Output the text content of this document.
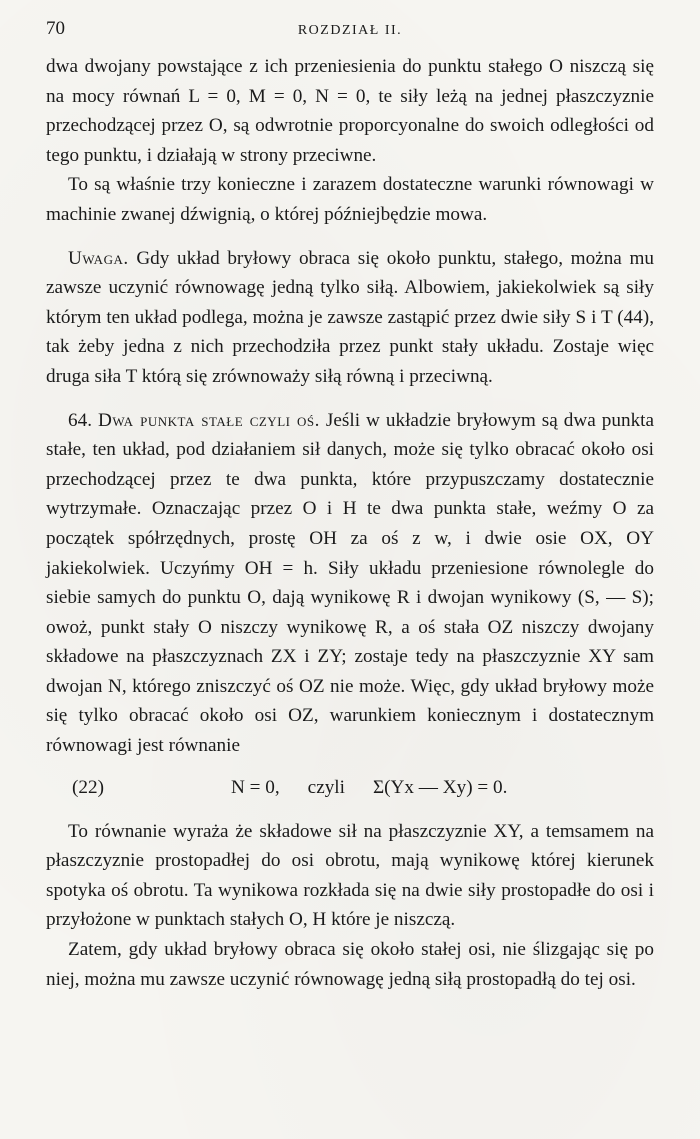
70	ROZDZIAŁ II.

dwa dwojany powstające z ich przeniesienia do punktu stałego O niszczą się na mocy równań L = 0, M = 0, N = 0, te siły leżą na jednej płaszczyznie przechodzącej przez O, są odwrotnie proporcyonalne do swoich odległości od tego punktu, i działają w strony przeciwne.

To są właśnie trzy konieczne i zarazem dostateczne warunki równowagi w machinie zwanej dźwignią, o której późniejbędzie mowa.

Uwaga. Gdy układ bryłowy obraca się około punktu, stałego, można mu zawsze uczynić równowagę jedną tylko siłą. Albowiem, jakiekolwiek są siły którym ten układ podlega, można je zawsze zastąpić przez dwie siły S i T (44), tak żeby jedna z nich przechodziła przez punkt stały układu. Zostaje więc druga siła T którą się zrównoważy siłą równą i przeciwną.

64. Dwa punkta stałe czyli oś. Jeśli w układzie bryłowym są dwa punkta stałe, ten układ, pod działaniem sił danych, może się tylko obracać około osi przechodzącej przez te dwa punkta, które przypuszczamy dostatecznie wytrzymałe. Oznaczając przez O i H te dwa punkta stałe, weźmy O za początek spółrzędnych, prostę OH za oś z w, i dwie osie OX, OY jakiekolwiek. Uczyńmy OH = h. Siły układu przeniesione równolegle do siebie samych do punktu O, dają wynikowę R i dwojan wynikowy (S, — S); owoż, punkt stały O niszczy wynikowę R, a oś stała OZ niszczy dwojany składowe na płaszczyznach ZX i ZY; zostaje tedy na płaszczyznie XY sam dwojan N, którego zniszczyć oś OZ nie może. Więc, gdy układ bryłowy może się tylko obracać około osi OZ, warunkiem koniecznym i dostatecznym równowagi jest równanie

(22)	N = 0, czyli Σ(Yx — Xy) = 0.

To równanie wyraża że składowe sił na płaszczyznie XY, a temsamem na płaszczyznie prostopadłej do osi obrotu, mają wynikowę której kierunek spotyka oś obrotu. Ta wynikowa rozkłada się na dwie siły prostopadłe do osi i przyłożone w punktach stałych O, H które je niszczą.

Zatem, gdy układ bryłowy obraca się około stałej osi, nie ślizgając się po niej, można mu zawsze uczynić równowagę jedną siłą prostopadłą do tej osi.
